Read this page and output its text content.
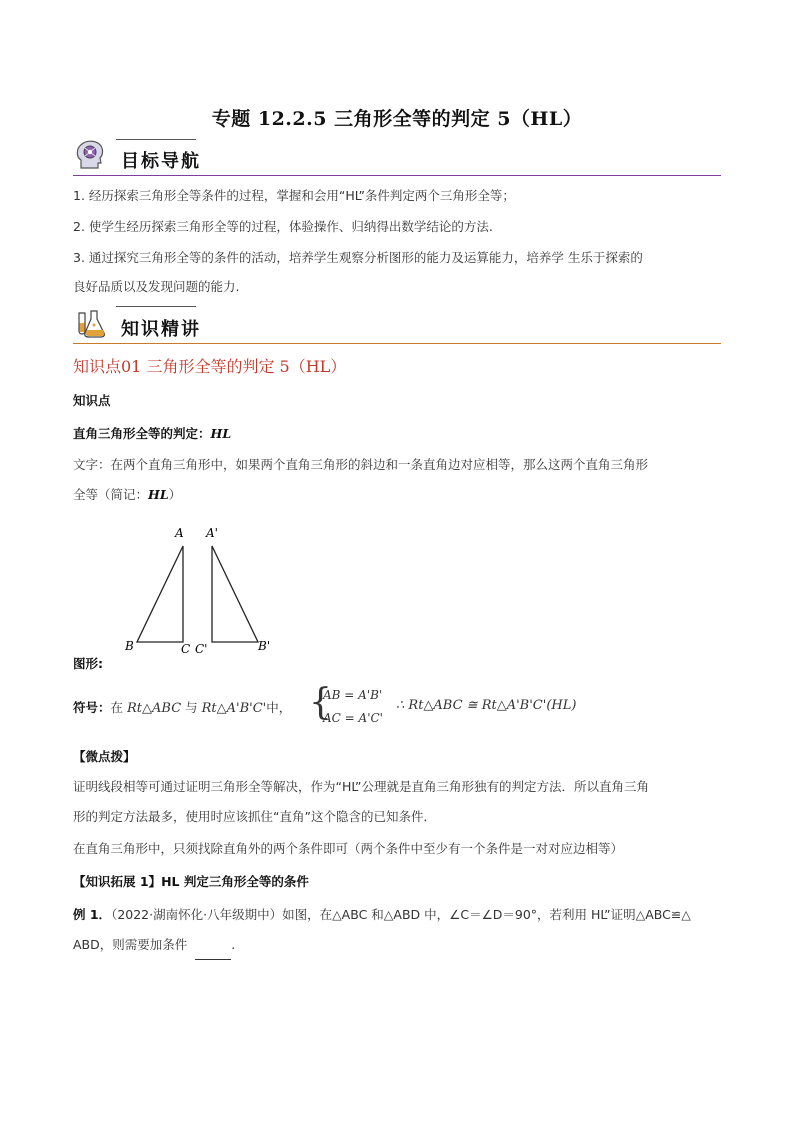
专题 12.2.5 三角形全等的判定 5（HL）
目标导航
1. 经历探索三角形全等条件的过程，掌握和会用“HL”条件判定两个三角形全等；
2. 使学生经历探索三角形全等的过程，体验操作、归纳得出数学结论的方法.
3. 通过探究三角形全等的条件的活动，培养学生观察分析图形的能力及运算能力，培养学 生乐于探索的
良好品质以及发现问题的能力.
知识精讲
知识点01 三角形全等的判定 5（HL）
知识点
直角三角形全等的判定：HL
文字：在两个直角三角形中，如果两个直角三角形的斜边和一条直角边对应相等，那么这两个直角三角形
全等（简记：HL）
A A'
B	C C'	B'
图形:
符号：在 Rt△ABC 与 Rt△A'B'C'中， {
AB = A'B'
AC = A'C'
∴ Rt△ABC ≅ Rt△A'B'C'(HL)
【微点拨】
证明线段相等可通过证明三角形全等解决，作为“HL”公理就是直角三角形独有的判定方法．所以直角三角
形的判定方法最多，使用时应该抓住“直角”这个隐含的已知条件．
在直角三角形中，只须找除直角外的两个条件即可（两个条件中至少有一个条件是一对对应边相等）
【知识拓展 1】HL 判定三角形全等的条件
例 1．（2022·湖南怀化·八年级期中）如图，在△ABC 和△ABD 中，∠C＝∠D＝90°，若利用 HL”证明△ABC≌△
ABD，则需要加条件	.
